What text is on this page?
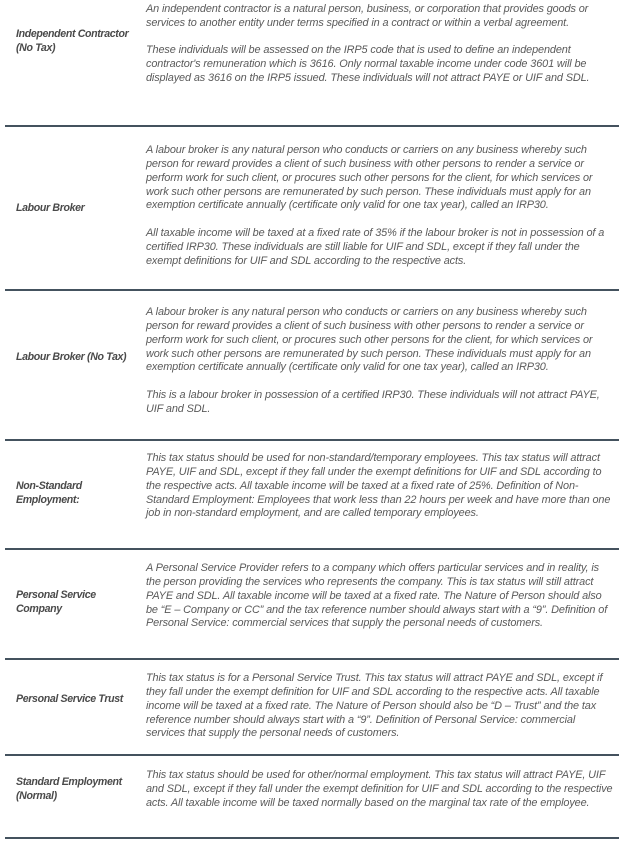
Independent Contractor (No Tax)

An independent contractor is a natural person, business, or corporation that provides goods or services to another entity under terms specified in a contract or within a verbal agreement.

These individuals will be assessed on the IRP5 code that is used to define an independent contractor's remuneration which is 3616. Only normal taxable income under code 3601 will be displayed as 3616 on the IRP5 issued. These individuals will not attract PAYE or UIF and SDL.

Labour Broker

A labour broker is any natural person who conducts or carriers on any business whereby such person for reward provides a client of such business with other persons to render a service or perform work for such client, or procures such other persons for the client, for which services or work such other persons are remunerated by such person. These individuals must apply for an exemption certificate annually (certificate only valid for one tax year), called an IRP30.

All taxable income will be taxed at a fixed rate of 35% if the labour broker is not in possession of a certified IRP30. These individuals are still liable for UIF and SDL, except if they fall under the exempt definitions for UIF and SDL according to the respective acts.

Labour Broker (No Tax)

A labour broker is any natural person who conducts or carriers on any business whereby such person for reward provides a client of such business with other persons to render a service or perform work for such client, or procures such other persons for the client, for which services or work such other persons are remunerated by such person. These individuals must apply for an exemption certificate annually (certificate only valid for one tax year), called an IRP30.

This is a labour broker in possession of a certified IRP30. These individuals will not attract PAYE, UIF and SDL.

Non-Standard Employment:

This tax status should be used for non-standard/temporary employees. This tax status will attract PAYE, UIF and SDL, except if they fall under the exempt definitions for UIF and SDL according to the respective acts. All taxable income will be taxed at a fixed rate of 25%. Definition of Non-Standard Employment: Employees that work less than 22 hours per week and have more than one job in non-standard employment, and are called temporary employees.

Personal Service Company

A Personal Service Provider refers to a company which offers particular services and in reality, is the person providing the services who represents the company. This is tax status will still attract PAYE and SDL. All taxable income will be taxed at a fixed rate. The Nature of Person should also be “E – Company or CC” and the tax reference number should always start with a “9”. Definition of Personal Service: commercial services that supply the personal needs of customers.

Personal Service Trust

This tax status is for a Personal Service Trust. This tax status will attract PAYE and SDL, except if they fall under the exempt definition for UIF and SDL according to the respective acts. All taxable income will be taxed at a fixed rate. The Nature of Person should also be “D – Trust” and the tax reference number should always start with a “9”. Definition of Personal Service: commercial services that supply the personal needs of customers.

Standard Employment (Normal)

This tax status should be used for other/normal employment. This tax status will attract PAYE, UIF and SDL, except if they fall under the exempt definition for UIF and SDL according to the respective acts. All taxable income will be taxed normally based on the marginal tax rate of the employee.
